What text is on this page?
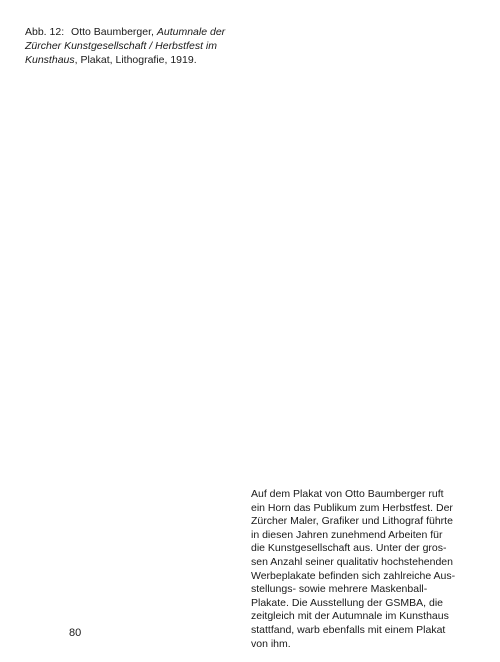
Abb. 12: Otto Baumberger, Autumnale der Zürcher Kunstgesellschaft / Herbstfest im Kunsthaus, Plakat, Lithografie, 1919.
Auf dem Plakat von Otto Baumberger ruft
ein Horn das Publikum zum Herbstfest. Der
Zürcher Maler, Grafiker und Lithograf führte
in diesen Jahren zunehmend Arbeiten für
die Kunstgesellschaft aus. Unter der gros-
sen Anzahl seiner qualitativ hochstehenden
Werbeplakate befinden sich zahlreiche Aus-
stellungs- sowie mehrere Maskenball-
Plakate. Die Ausstellung der GSMBA, die
zeitgleich mit der Autumnale im Kunsthaus
stattfand, warb ebenfalls mit einem Plakat
von ihm.
80
